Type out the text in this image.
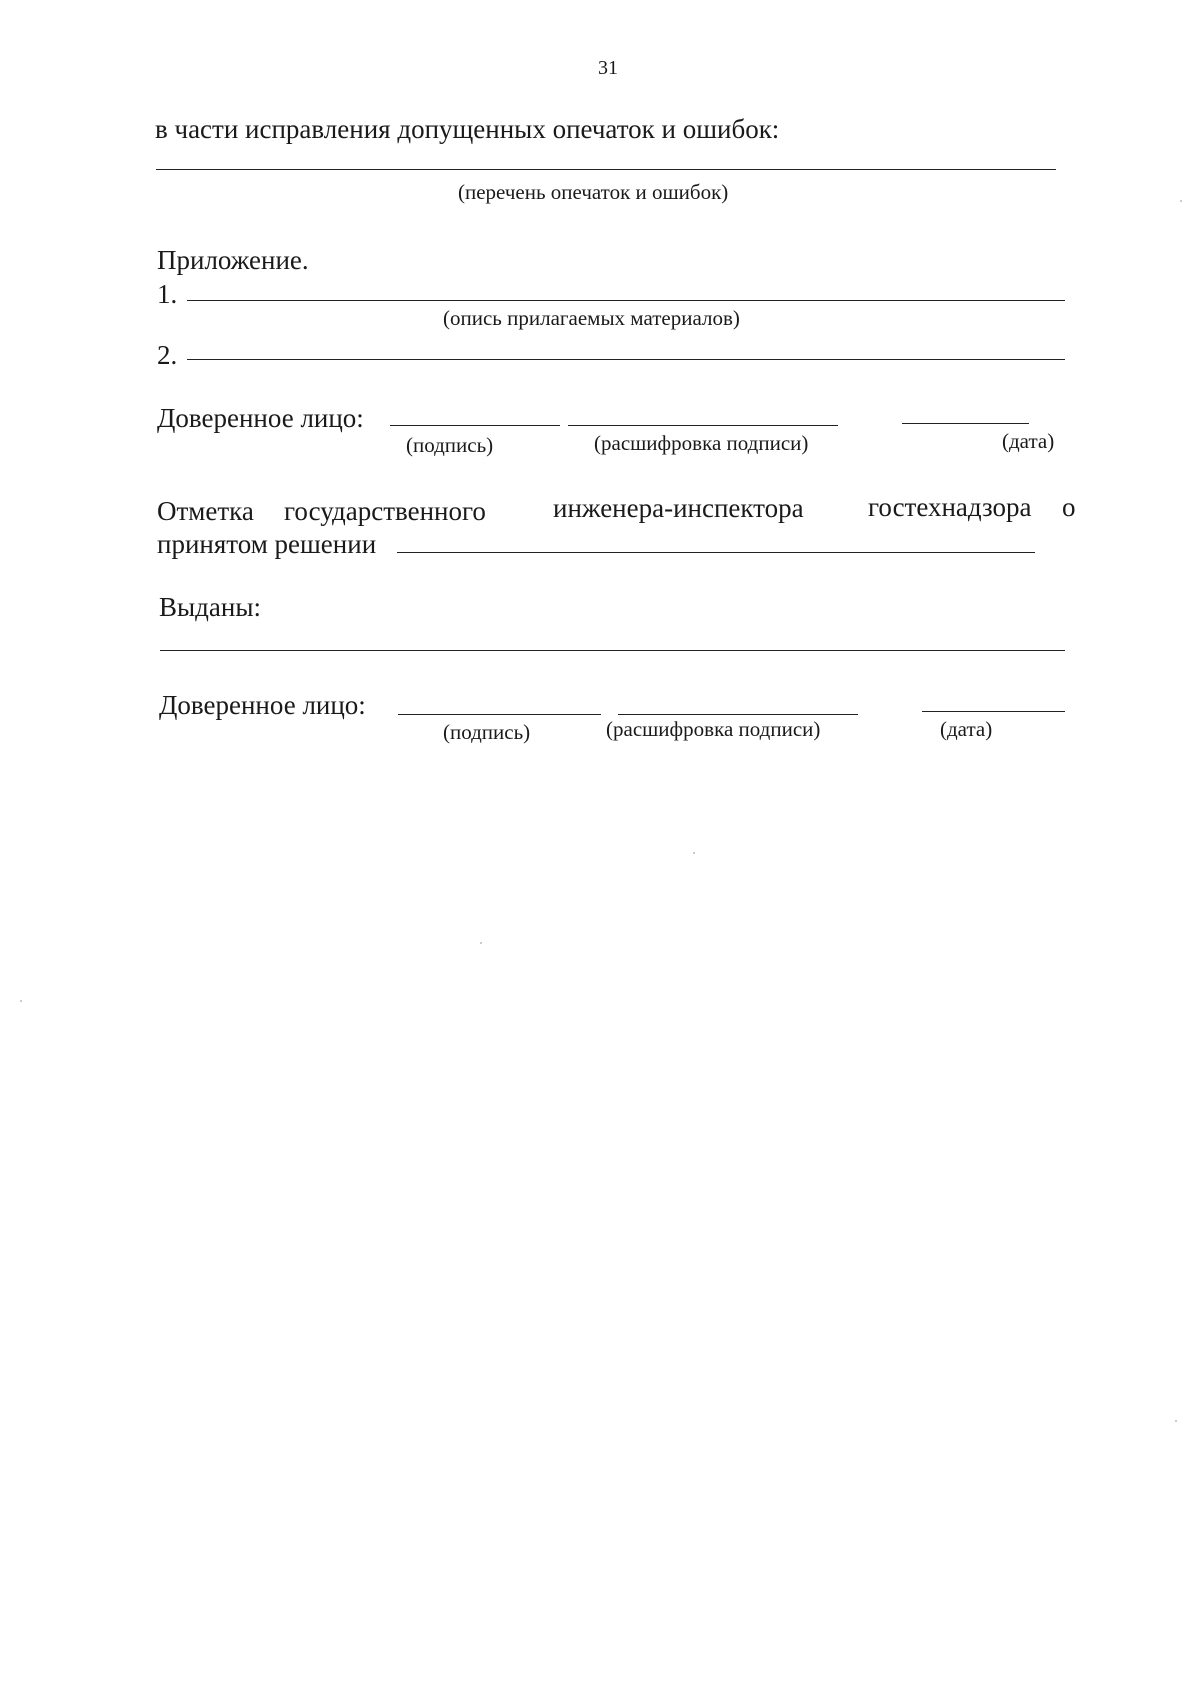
31
в части исправления допущенных опечаток и ошибок:
(перечень опечаток и ошибок)
Приложение.
1.
(опись прилагаемых материалов)
2.
Доверенное лицо:
(подпись)	(расшифровка подписи)	(дата)
Отметка государственного инженера-инспектора гостехнадзора о
принятом решении
Выданы:
Доверенное лицо:
(подпись)	(расшифровка подписи)	(дата)
